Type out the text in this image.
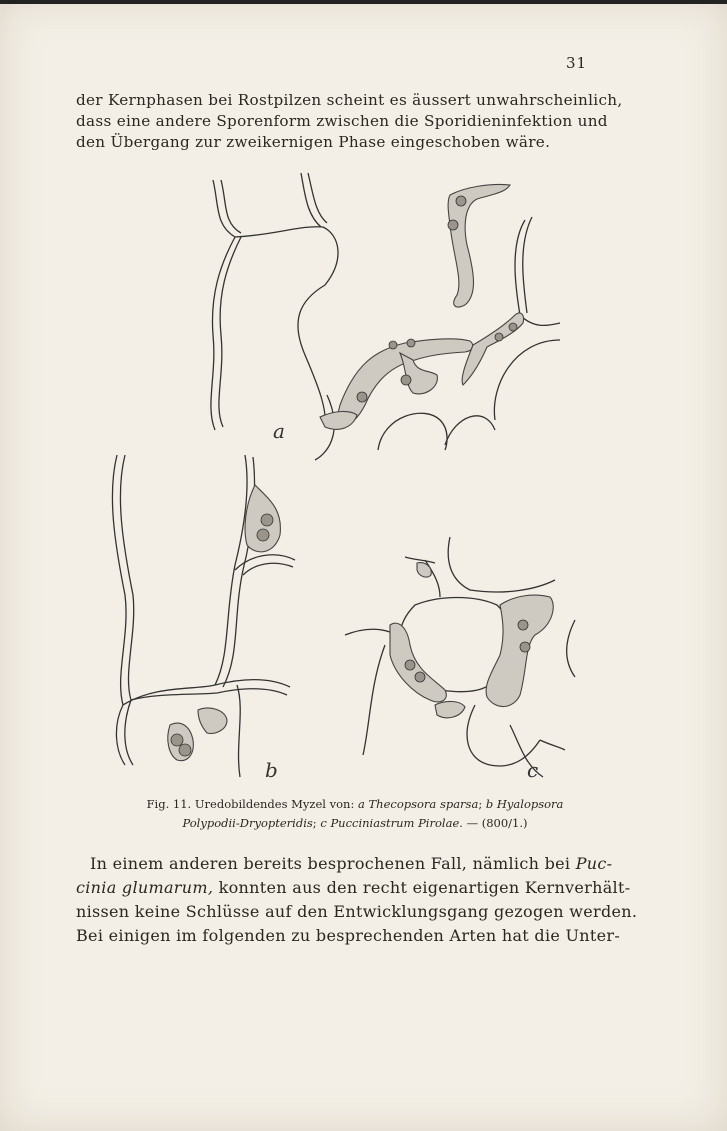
31
der Kernphasen bei Rostpilzen scheint es äussert unwahrscheinlich,
dass eine andere Sporenform zwischen die Sporidieninfektion und
den Übergang zur zweikernigen Phase eingeschoben wäre.
a
b	c
Fig. 11. Uredobildendes Myzel von: a Thecopsora sparsa; b Hyalopsora
Polypodii-Dryopteridis; c Pucciniastrum Pirolae. — (800/1.)
In einem anderen bereits besprochenen Fall, nämlich bei Puc-
cinia glumarum, konnten aus den recht eigenartigen Kernverhält-
nissen keine Schlüsse auf den Entwicklungsgang gezogen werden.
Bei einigen im folgenden zu besprechenden Arten hat die Unter-
